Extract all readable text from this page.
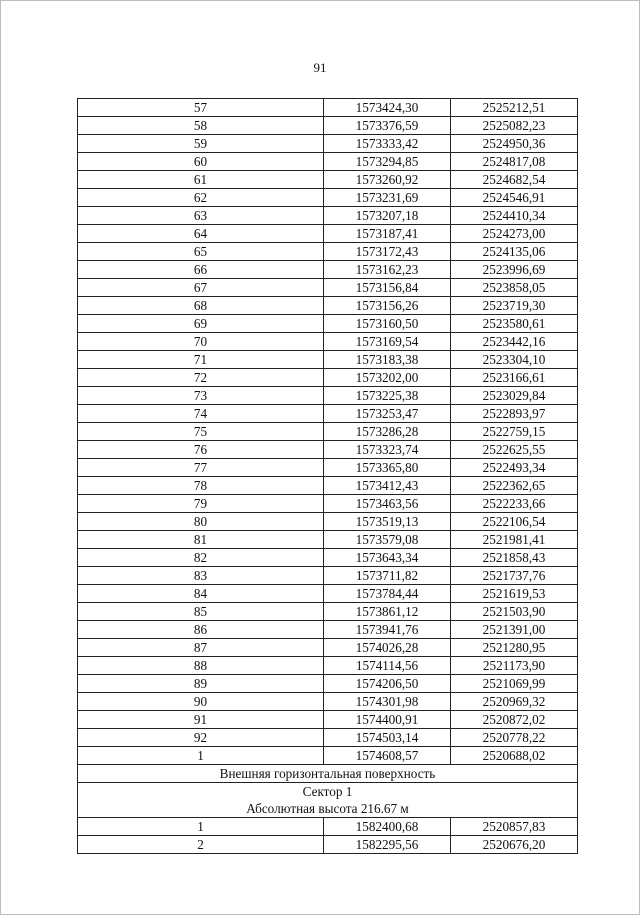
91
57	1573424,30	2525212,51
58	1573376,59	2525082,23
59	1573333,42	2524950,36
60	1573294,85	2524817,08
61	1573260,92	2524682,54
62	1573231,69	2524546,91
63	1573207,18	2524410,34
64	1573187,41	2524273,00
65	1573172,43	2524135,06
66	1573162,23	2523996,69
67	1573156,84	2523858,05
68	1573156,26	2523719,30
69	1573160,50	2523580,61
70	1573169,54	2523442,16
71	1573183,38	2523304,10
72	1573202,00	2523166,61
73	1573225,38	2523029,84
74	1573253,47	2522893,97
75	1573286,28	2522759,15
76	1573323,74	2522625,55
77	1573365,80	2522493,34
78	1573412,43	2522362,65
79	1573463,56	2522233,66
80	1573519,13	2522106,54
81	1573579,08	2521981,41
82	1573643,34	2521858,43
83	1573711,82	2521737,76
84	1573784,44	2521619,53
85	1573861,12	2521503,90
86	1573941,76	2521391,00
87	1574026,28	2521280,95
88	1574114,56	2521173,90
89	1574206,50	2521069,99
90	1574301,98	2520969,32
91	1574400,91	2520872,02
92	1574503,14	2520778,22
1	1574608,57	2520688,02
Внешняя горизонтальная поверхность		

Сектор 1
Абсолютная высота 216.67 м		

1	1582400,68	2520857,83
2	1582295,56	2520676,20
